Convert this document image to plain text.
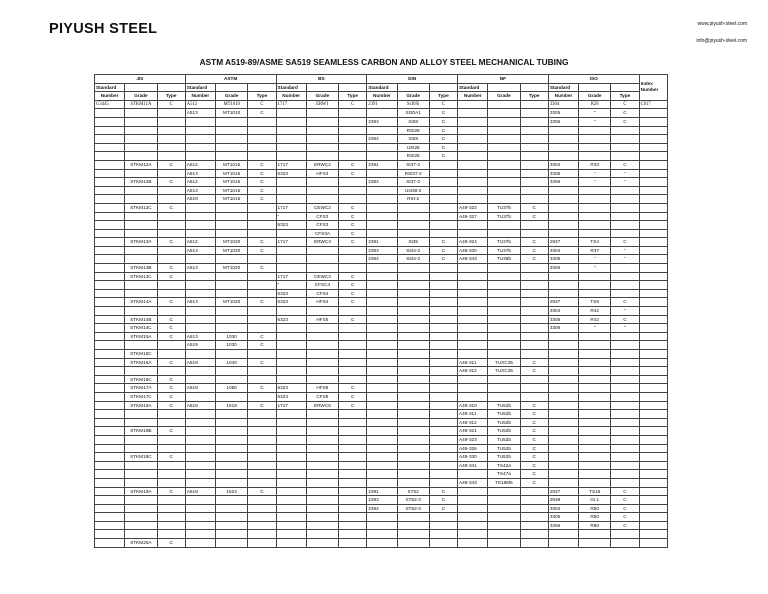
PIYUSH STEEL	www.piyush-steel.com
info@piyush-steel.com
ASTM A519-89/ASME SA519 SEAMLESS CARBON AND ALLOY STEEL MECHANICAL TUBING
JIS			ASTM			BS			DIN			NF			ISO			Index Number
Standard			Standard			Standard			Standard			Standard			Standard			
Number	Grade	Type	Number	Grade	Type	Number	Grade	Type	Number	Grade	Type	Number	Grade	Type	Number	Grade	Type	
G3445	STKM11A	C	A512	MT1010	C	1717	ERW1	C	2391	St30Si	C				3304	R28	C	C017
			A513	MT1010	C					St30A1	C				3305	"	C	
									2393	St28	C				3306	"	C	
										RSt28	C							
									2394	St28	C							
										USt28	C							
										RSt28	C							
	STKM12A	C	A512	MT1015	C	1717	ERWC2	C	2391	St37-2					3304	R33	C	
			A513	MT1015	C	6323	HFS3	C		RSt37-2					3305	"	"	
	STKM12B	C	A512	MT1015	C				2394	St37-2					3306	"	"	
			A513	MT1015	C					Ust38-2								
			A519	MT1015	C					RSt-2								
	STKM12C	C				1717	CEWC2	C				A49-322	TU37b	C				
						"	CFS3	C				A49-327	TU37b	C				
						6323	CFS3	C										
							CFS3A	C										
	STKM13A	C	A512	MT1020	C	1717	ERWC3	C	2391	St45	C	A49-324	TU37b	C	2937	TS4	C	
			A513	MT1020	C				2393	St44-2	C	A49-330	TU37b	C	3304	R37	"	
									2394	St44-2	C	A49-343	TU38b	C	3305	"	"	
	STKM13B	C	A513	MT1020	C										3306	"		
	STKM13C	C				1717	CEWC3	C										
						"	CFSC4	C										
						6323	CFS4	C										
	STKM14A	C	A513	MT1020	C	6323	HFS4	C							2937	TS9	C	
															3304	R42	"	
	STKM14B	C				6323	HFS5	C							3305	R42	C	
	STKM14C	C													3306	"	"	
	STKM15A	C	A513	1030	C													
			A519	1030	C													
	STKM15C																	
	STKM16A	C	A519	1040	C							A49-311	TUXC35	C				
												A49-312	TUXC35	C				
	STKM16C	C																
	STKM17A	C	A519	1050	C	6323	HFS8	C										
	STKM17C	C				6323	CFS8	C										
	STKM18A	C	A519	1518	C	1717	ERWC5	C				A49-310	TU52b	C				
												A49-311	TU52b	C				
												A49-312	TU52b	C				
	STKM18B	C										A49-321	TU52b	C				
												A49-323	TU52b	C				
												A49-326	TU52b	C				
	STKM18C	C										A49-330	TU52b	C				
												A49-341	TS42a	C				
													TS47a	C				
												A49-343	TS18M5	C				
	STKM19A	C	A519	1524	C				2391	ST52	C				2937	TS18	C	
									2393	ST52-3	C				2938	Gr.1	C	
									2394	ST52-3	C				3304	R50	C	
															3305	R50	C	
															3306	R50	C	

	STKM20A	C																
